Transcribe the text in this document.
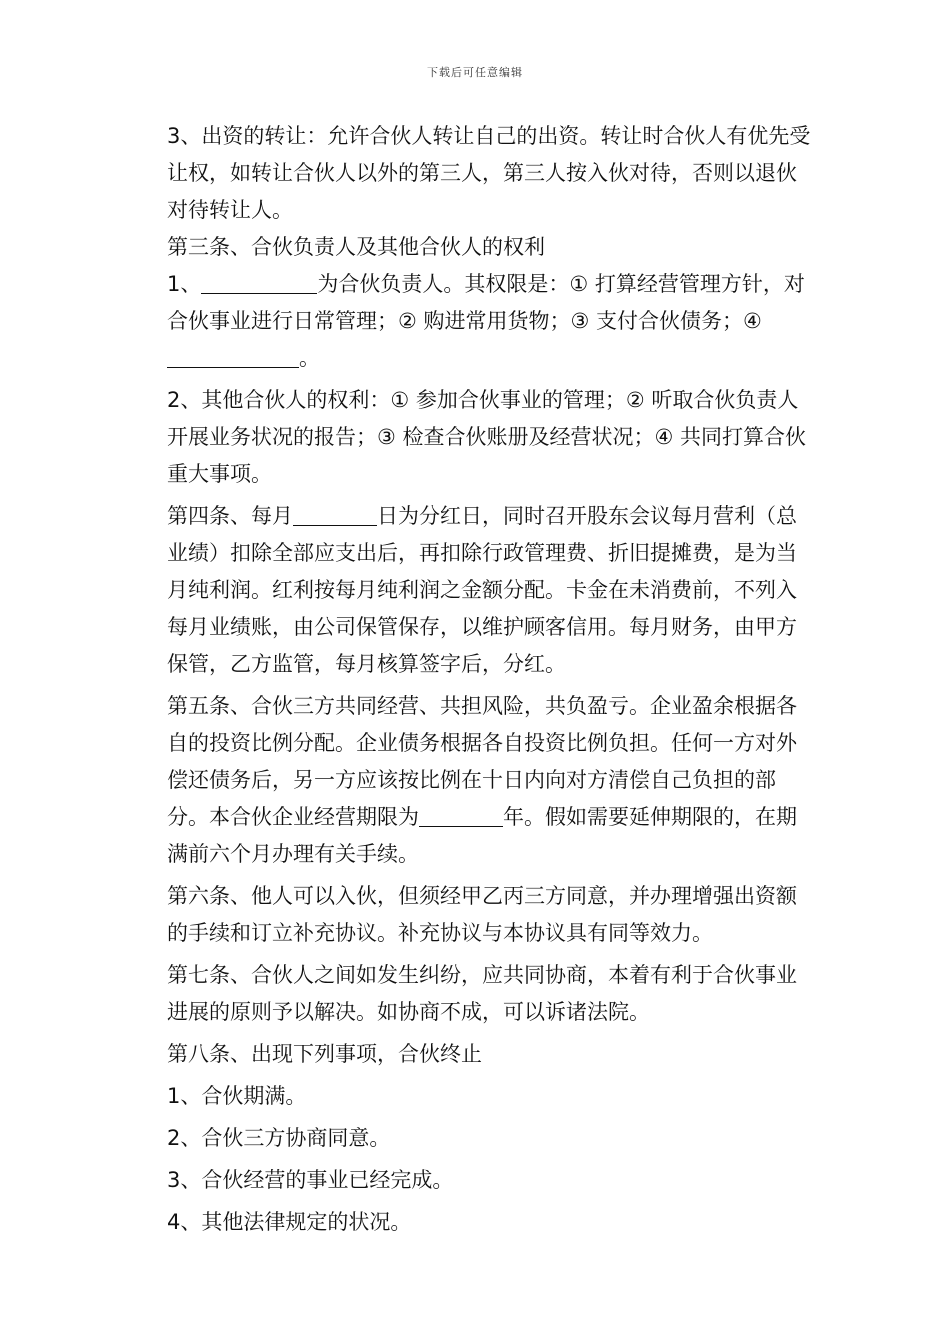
下载后可任意编辑

3、出资的转让：允许合伙人转让自己的出资。转让时合伙人有优先受让权，如转让合伙人以外的第三人，第三人按入伙对待，否则以退伙对待转让人。

第三条、合伙负责人及其他合伙人的权利

1、	为合伙负责人。其权限是：① 打算经营管理方针，对合伙事业进行日常管理；② 购进常用货物；③ 支付合伙债务；④
。

2、其他合伙人的权利：① 参加合伙事业的管理；② 听取合伙负责人开展业务状况的报告；③ 检查合伙账册及经营状况；④ 共同打算合伙重大事项。

第四条、每月	日为分红日，同时召开股东会议每月营利（总业绩）扣除全部应支出后，再扣除行政管理费、折旧提摊费，是为当月纯利润。红利按每月纯利润之金额分配。卡金在未消费前，不列入每月业绩账，由公司保管保存，以维护顾客信用。每月财务，由甲方保管，乙方监管，每月核算签字后，分红。

第五条、合伙三方共同经营、共担风险，共负盈亏。企业盈余根据各自的投资比例分配。企业债务根据各自投资比例负担。任何一方对外偿还债务后，另一方应该按比例在十日内向对方清偿自己负担的部分。本合伙企业经营期限为	年。假如需要延伸期限的，在期满前六个月办理有关手续。

第六条、他人可以入伙，但须经甲乙丙三方同意，并办理增强出资额的手续和订立补充协议。补充协议与本协议具有同等效力。

第七条、合伙人之间如发生纠纷，应共同协商，本着有利于合伙事业进展的原则予以解决。如协商不成，可以诉诸法院。

第八条、出现下列事项，合伙终止

1、合伙期满。

2、合伙三方协商同意。

3、合伙经营的事业已经完成。

4、其他法律规定的状况。
